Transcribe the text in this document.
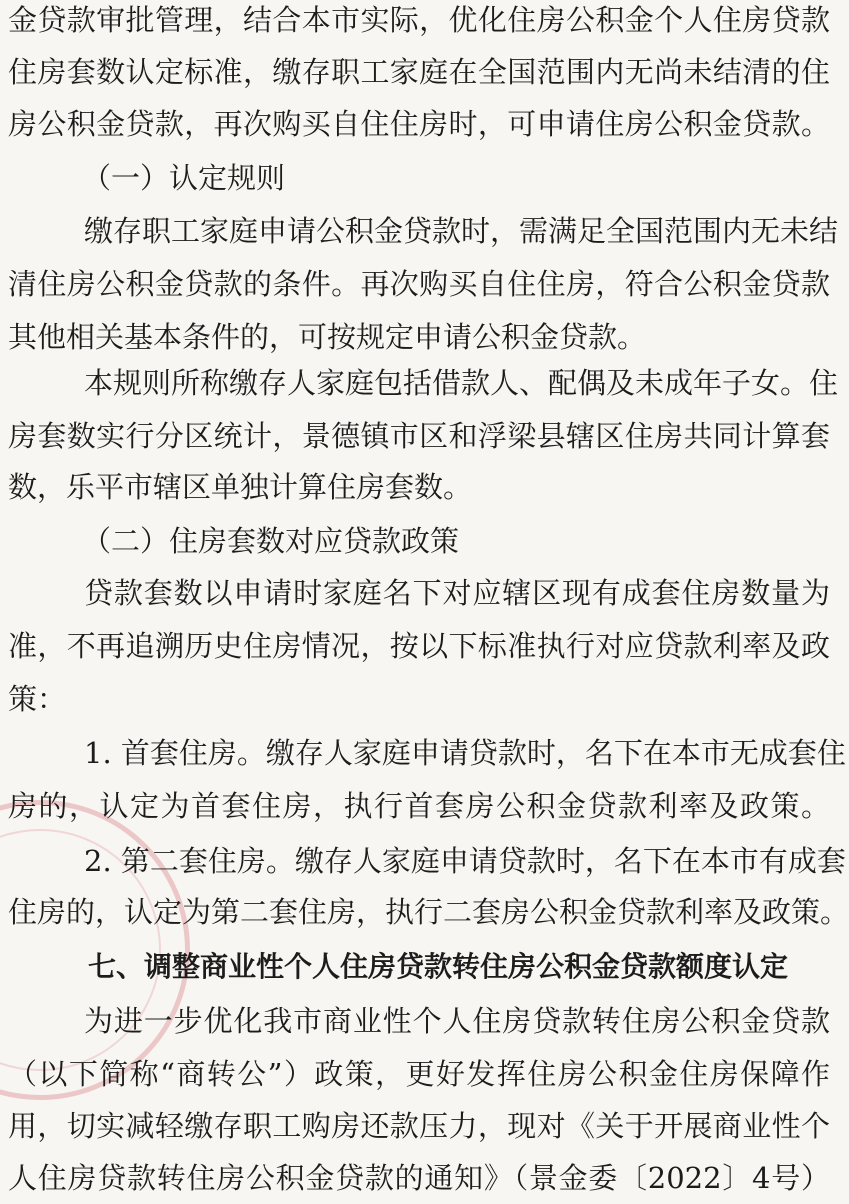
金贷款审批管理，结合本市实际，优化住房公积金个人住房贷款
住房套数认定标准，缴存职工家庭在全国范围内无尚未结清的住
房公积金贷款，再次购买自住住房时，可申请住房公积金贷款。
（一）认定规则
缴存职工家庭申请公积金贷款时，需满足全国范围内无未结
清住房公积金贷款的条件。再次购买自住住房，符合公积金贷款
其他相关基本条件的，可按规定申请公积金贷款。
本规则所称缴存人家庭包括借款人、配偶及未成年子女。住
房套数实行分区统计，景德镇市区和浮梁县辖区住房共同计算套
数，乐平市辖区单独计算住房套数。
（二）住房套数对应贷款政策
贷款套数以申请时家庭名下对应辖区现有成套住房数量为
准，不再追溯历史住房情况，按以下标准执行对应贷款利率及政
策：
1. 首套住房。缴存人家庭申请贷款时，名下在本市无成套住
房的，认定为首套住房，执行首套房公积金贷款利率及政策。
2. 第二套住房。缴存人家庭申请贷款时，名下在本市有成套
住房的，认定为第二套住房，执行二套房公积金贷款利率及政策。
七、调整商业性个人住房贷款转住房公积金贷款额度认定
为进一步优化我市商业性个人住房贷款转住房公积金贷款
（以下简称“商转公”）政策，更好发挥住房公积金住房保障作
用，切实减轻缴存职工购房还款压力，现对《关于开展商业性个
人住房贷款转住房公积金贷款的通知》（景金委〔2022〕4号）
